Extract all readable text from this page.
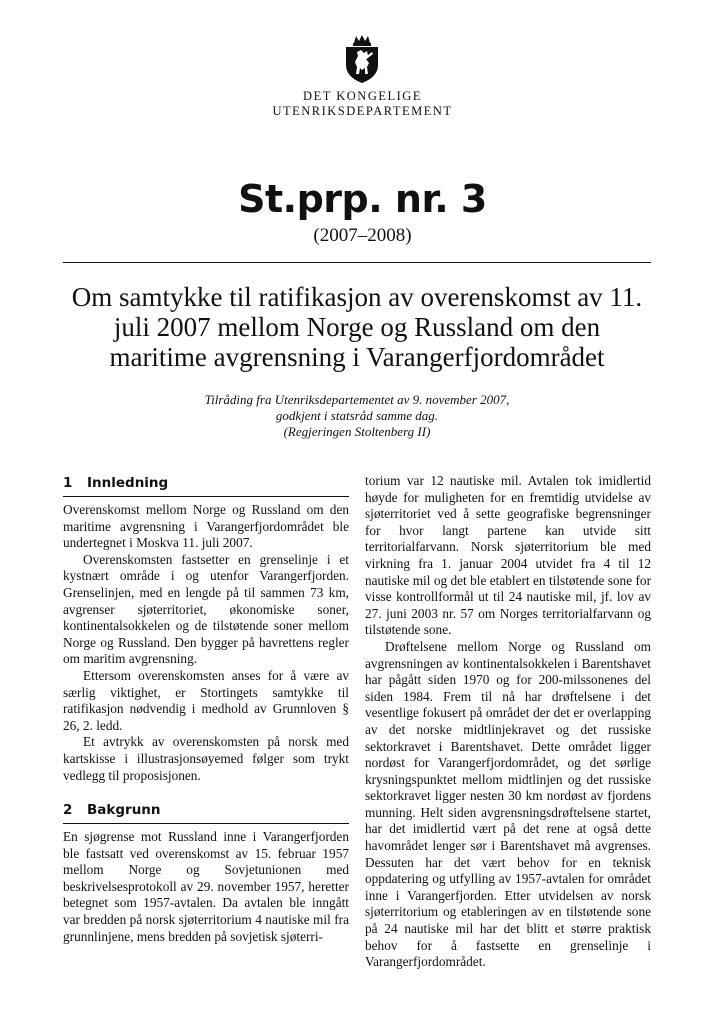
DET KONGELIGE
UTENRIKSDEPARTEMENT
St.prp. nr. 3
(2007–2008)
Om samtykke til ratifikasjon av overenskomst av 11. juli 2007 mellom Norge og Russland om den maritime avgrensning i Varangerfjordområdet
Tilråding fra Utenriksdepartementet av 9. november 2007,
godkjent i statsråd samme dag.
(Regjeringen Stoltenberg II)
1 Innledning

Overenskomst mellom Norge og Russland om den maritime avgrensning i Varangerfjordområdet ble undertegnet i Moskva 11. juli 2007.

Overenskomsten fastsetter en grenselinje i et kystnært område i og utenfor Varangerfjorden. Grenselinjen, med en lengde på til sammen 73 km, avgrenser sjøterritoriet, økonomiske soner, kontinentalsokkelen og de tilstøtende soner mellom Norge og Russland. Den bygger på havrettens regler om maritim avgrensning.

Ettersom overenskomsten anses for å være av særlig viktighet, er Stortingets samtykke til ratifikasjon nødvendig i medhold av Grunnloven § 26, 2. ledd.

Et avtrykk av overenskomsten på norsk med kartskisse i illustrasjonsøyemed følger som trykt vedlegg til proposisjonen.

2 Bakgrunn

En sjøgrense mot Russland inne i Varangerfjorden ble fastsatt ved overenskomst av 15. februar 1957 mellom Norge og Sovjetunionen med beskrivelsesprotokoll av 29. november 1957, heretter betegnet som 1957-avtalen. Da avtalen ble inngått var bredden på norsk sjøterritorium 4 nautiske mil fra grunnlinjene, mens bredden på sovjetisk sjøterri-

torium var 12 nautiske mil. Avtalen tok imidlertid høyde for muligheten for en fremtidig utvidelse av sjøterritoriet ved å sette geografiske begrensninger for hvor langt partene kan utvide sitt territorialfarvann. Norsk sjøterritorium ble med virkning fra 1. januar 2004 utvidet fra 4 til 12 nautiske mil og det ble etablert en tilstøtende sone for visse kontrollformål ut til 24 nautiske mil, jf. lov av 27. juni 2003 nr. 57 om Norges territorialfarvann og tilstøtende sone.

Drøftelsene mellom Norge og Russland om avgrensningen av kontinentalsokkelen i Barentshavet har pågått siden 1970 og for 200-milssonenes del siden 1984. Frem til nå har drøftelsene i det vesentlige fokusert på området der det er overlapping av det norske midtlinjekravet og det russiske sektorkravet i Barentshavet. Dette området ligger nordøst for Varangerfjordområdet, og det sørlige krysningspunktet mellom midtlinjen og det russiske sektorkravet ligger nesten 30 km nordøst av fjordens munning. Helt siden avgrensningsdrøftelsene startet, har det imidlertid vært på det rene at også dette havområdet lenger sør i Barentshavet må avgrenses. Dessuten har det vært behov for en teknisk oppdatering og utfylling av 1957-avtalen for området inne i Varangerfjorden. Etter utvidelsen av norsk sjøterritorium og etableringen av en tilstøtende sone på 24 nautiske mil har det blitt et større praktisk behov for å fastsette en grenselinje i Varangerfjordområdet.
